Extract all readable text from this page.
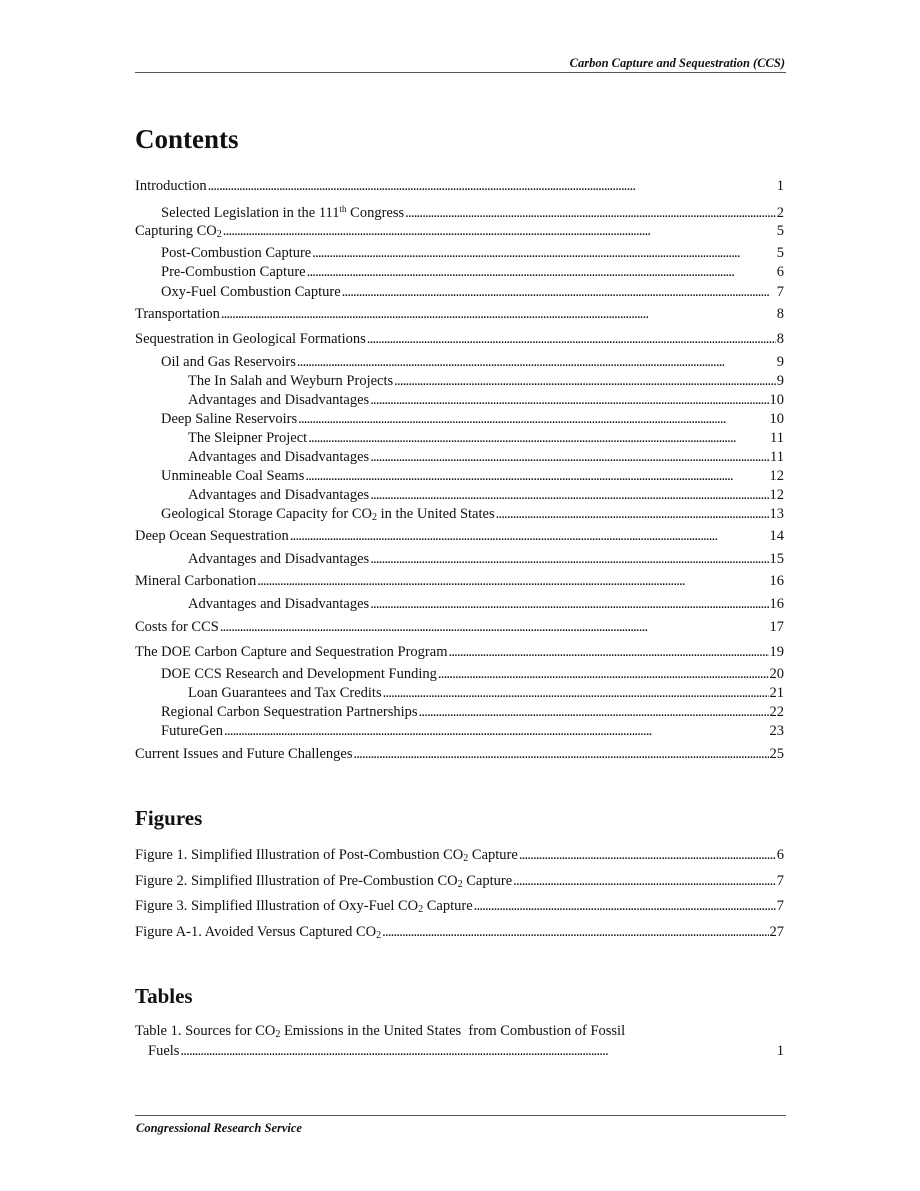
Carbon Capture and Sequestration (CCS)
Contents
Introduction . . .	1
Selected Legislation in the 111th Congress . . .	2
Capturing $CO_2$ . . .	5
Post-Combustion Capture . . .	5
Pre-Combustion Capture . . .	6
Oxy-Fuel Combustion Capture . . .	7
Transportation . . .	8
Sequestration in Geological Formations . . .	8
Oil and Gas Reservoirs . . .	9
The In Salah and Weyburn Projects . . .	9
Advantages and Disadvantages . . .	10
Deep Saline Reservoirs . . .	10
The Sleipner Project . . .	11
Advantages and Disadvantages . . .	11
Unmineable Coal Seams . . .	12
Advantages and Disadvantages . . .	12
Geological Storage Capacity for $CO_2$ in the United States . . .	13
Deep Ocean Sequestration . . .	14
Advantages and Disadvantages . . .	15
Mineral Carbonation . . .	16
Advantages and Disadvantages . . .	16
Costs for CCS . . .	17
The DOE Carbon Capture and Sequestration Program . . .	19
DOE CCS Research and Development Funding . . .	20
Loan Guarantees and Tax Credits . . .	21
Regional Carbon Sequestration Partnerships . . .	22
FutureGen . . .	23
Current Issues and Future Challenges . . .	25
Figures
Figure 1. Simplified Illustration of Post-Combustion $CO_2$ Capture . . .	6
Figure 2. Simplified Illustration of Pre-Combustion $CO_2$ Capture . . .	7
Figure 3. Simplified Illustration of Oxy-Fuel $CO_2$ Capture . . .	7
Figure A-1. Avoided Versus Captured $CO_2$ . . .	27
Tables
Table 1. Sources for $CO_2$ Emissions in the United States  from Combustion of Fossil
Fuels . . .	1
Congressional Research Service
